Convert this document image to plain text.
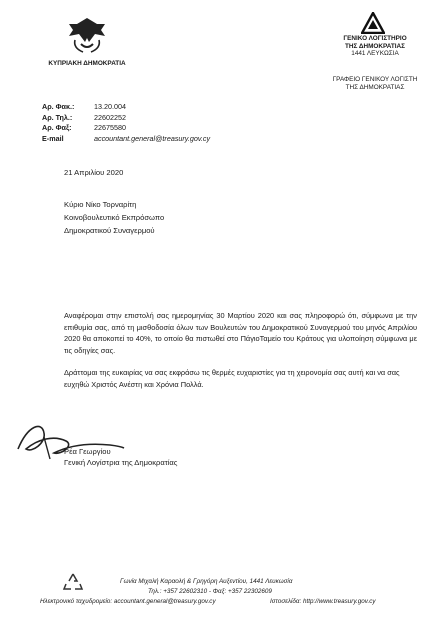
ΚΥΠΡΙΑΚΗ ΔΗΜΟΚΡΑΤΙΑ
ΓΕΝΙΚΟ ΛΟΓΙΣΤΗΡΙΟ
ΤΗΣ ΔΗΜΟΚΡΑΤΙΑΣ
1441 ΛΕΥΚΩΣΙΑ
ΓΡΑΦΕΙΟ ΓΕΝΙΚΟΥ ΛΟΓΙΣΤΗ
ΤΗΣ ΔΗΜΟΚΡΑΤΙΑΣ
Αρ. Φακ.:	13.20.004
Αρ. Τηλ.:	22602252
Αρ. Φαξ:	22675580
E-mail	accountant.general@treasury.gov.cy
21 Απριλίου 2020
Κύριο Νίκο Τορναρίτη
Κοινοβουλευτικό Εκπρόσωπο
Δημοκρατικού Συναγερμού
Αναφέρομαι στην επιστολή σας ημερομηνίας 30 Μαρτίου 2020 και σας πληροφορώ ότι, σύμφωνα με την επιθυμία σας, από τη μισθοδοσία όλων των Βουλευτών του Δημοκρατικού Συναγερμού του μηνός Απριλίου 2020 θα αποκοπεί το 40%, το οποίο θα πιστωθεί στο ΠάγιοΤαμείο του Κράτους για υλοποίηση σύμφωνα με τις οδηγίες σας.
Δράττομαι της ευκαιρίας να σας εκφράσω τις θερμές ευχαριστίες για τη χειρονομία σας αυτή και να σας ευχηθώ Χριστός Ανέστη και Χρόνια Πολλά.
Ρέα Γεωργίου
Γενική Λογίστρια της Δημοκρατίας
Γωνία Μιχαλή Καραολή & Γρηγόρη Αυξεντίου, 1441 Λευκωσία
Τηλ.: +357 22602310 - Φαξ: +357 22302609
Ηλεκτρονικό ταχυδρομείο: accountant.general@treasury.gov.cy	Ιστοσελίδα: http://www.treasury.gov.cy
